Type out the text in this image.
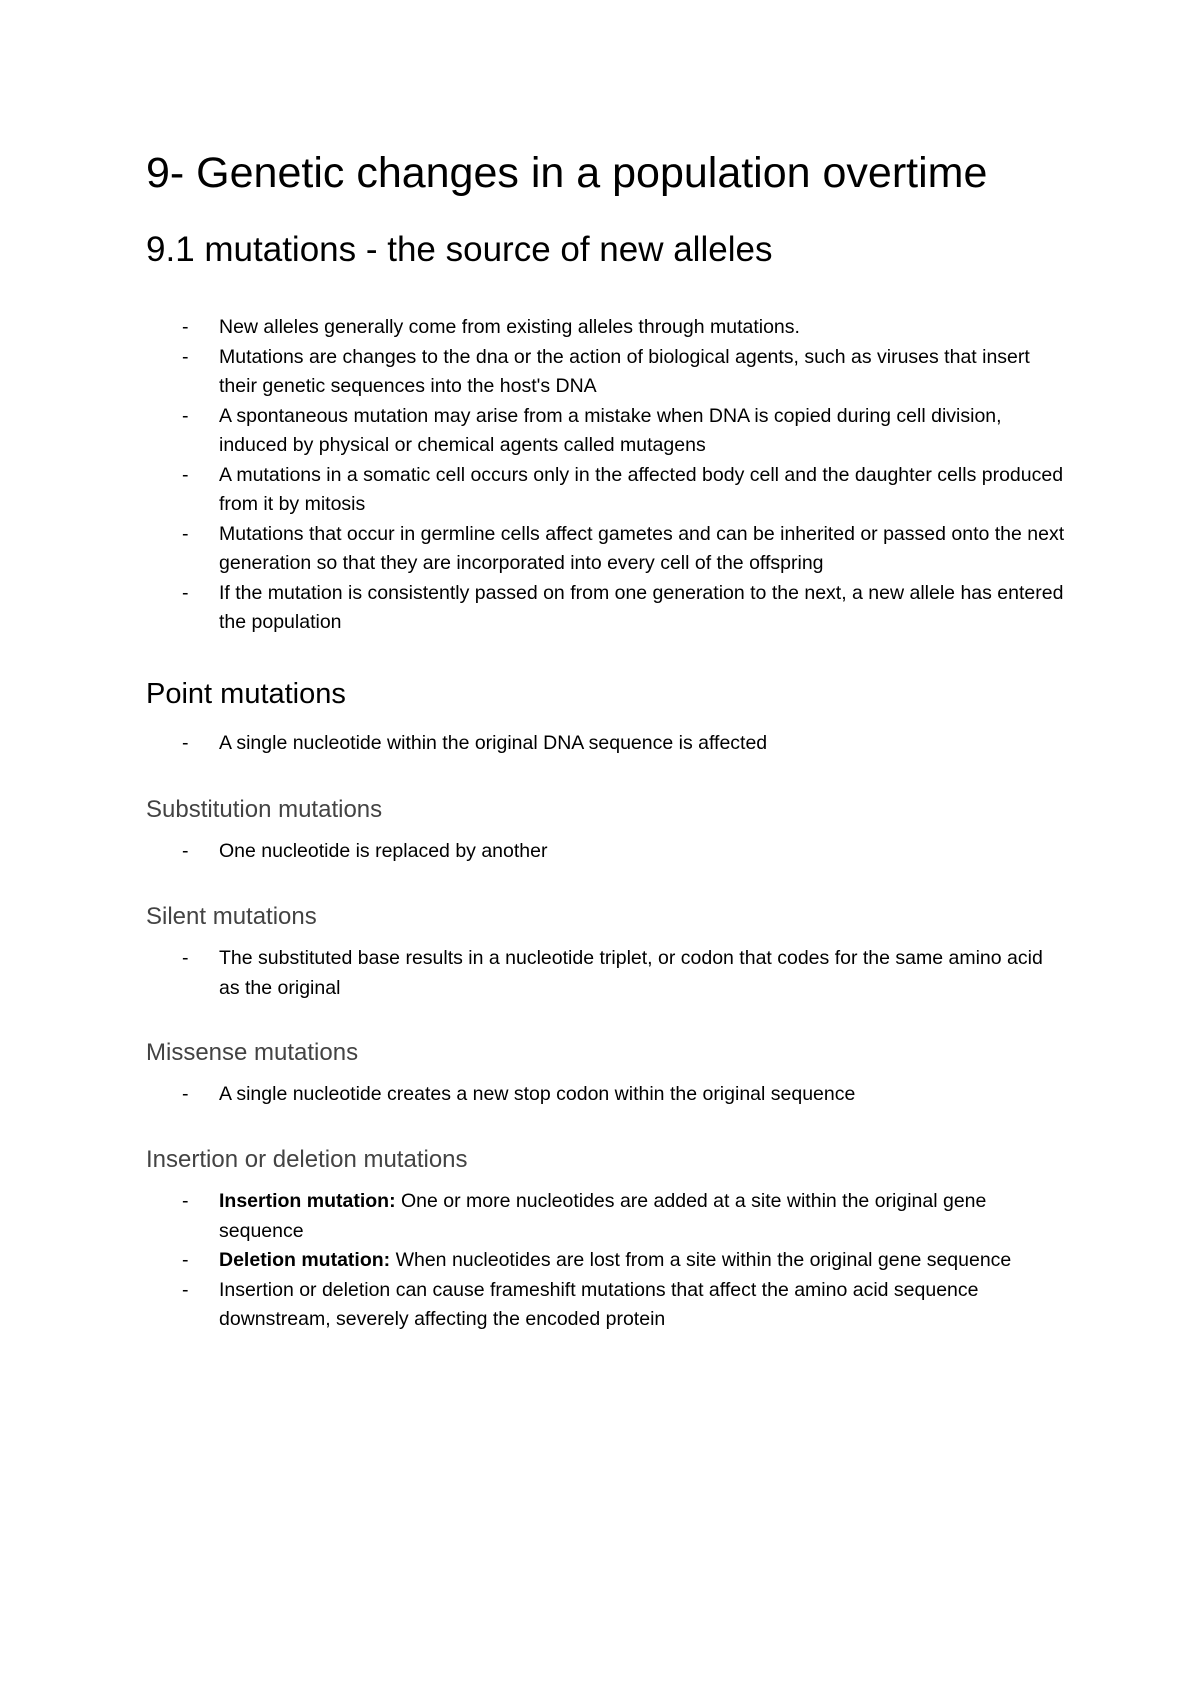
9- Genetic changes in a population overtime
9.1 mutations - the source of new alleles
- New alleles generally come from existing alleles through mutations.
- Mutations are changes to the dna or the action of biological agents, such as viruses that insert their genetic sequences into the host's DNA
- A spontaneous mutation may arise from a mistake when DNA is copied during cell division, induced by physical or chemical agents called mutagens
- A mutations in a somatic cell occurs only in the affected body cell and the daughter cells produced from it by mitosis
- Mutations that occur in germline cells affect gametes and can be inherited or passed onto the next generation so that they are incorporated into every cell of the offspring
- If the mutation is consistently passed on from one generation to the next, a new allele has entered the population
Point mutations
- A single nucleotide within the original DNA sequence is affected
Substitution mutations
- One nucleotide is replaced by another
Silent mutations
- The substituted base results in a nucleotide triplet, or codon that codes for the same amino acid as the original
Missense mutations
- A single nucleotide creates a new stop codon within the original sequence
Insertion or deletion mutations
- Insertion mutation: One or more nucleotides are added at a site within the original gene sequence
- Deletion mutation: When nucleotides are lost from a site within the original gene sequence
- Insertion or deletion can cause frameshift mutations that affect the amino acid sequence downstream, severely affecting the encoded protein
